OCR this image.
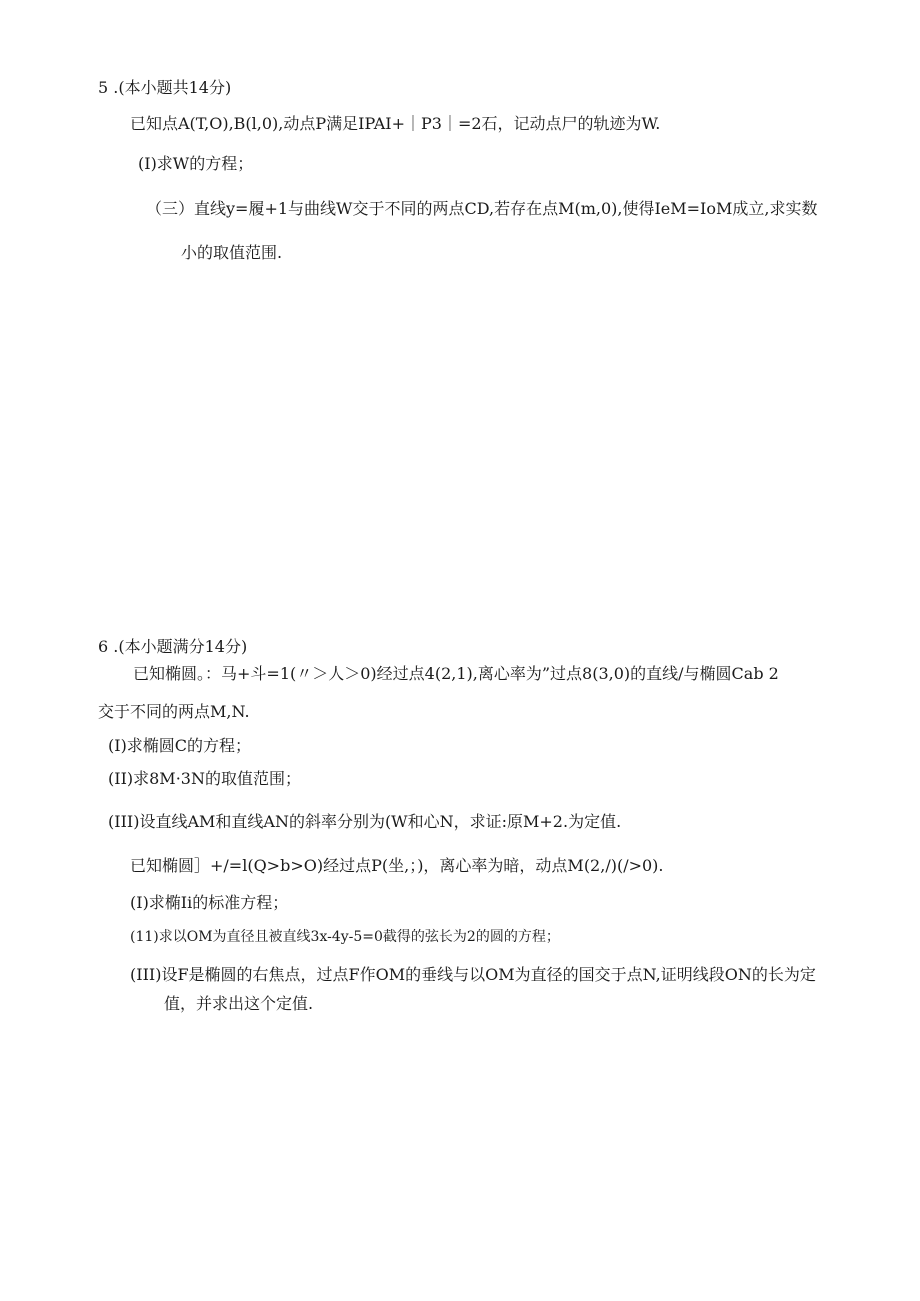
5 .(本小题共14分)
已知点A(T,O),B(l,0),动点P满足IPAI+｜P3｜=2石，记动点尸的轨迹为W.
(I)求W的方程；
（三）直线y=履+1与曲线W交于不同的两点CD,若存在点M(m,0),使得IeM=IoM成立,求实数
小的取值范围.
6 .(本小题满分14分)
已知椭圆。：马+斗=1(〃＞人＞0)经过点4(2,1),离心率为”过点8(3,0)的直线/与椭圆Cab 2
交于不同的两点M,N.
(I)求椭圆C的方程；
(II)求8M·3N的取值范围；
(III)设直线AM和直线AN的斜率分别为(W和心N，求证:原M+2.为定值.
已知椭圆］+/=l(Q>b>O)经过点P(坐,；)，离心率为暗，动点M(2,/)(/>0).
(I)求椭Ii的标准方程；
(11)求以OM为直径且被直线3x-4y-5=0截得的弦长为2的圆的方程；
(III)设F是椭圆的右焦点，过点F作OM的垂线与以OM为直径的国交于点N,证明线段ON的长为定
值，并求出这个定值.
